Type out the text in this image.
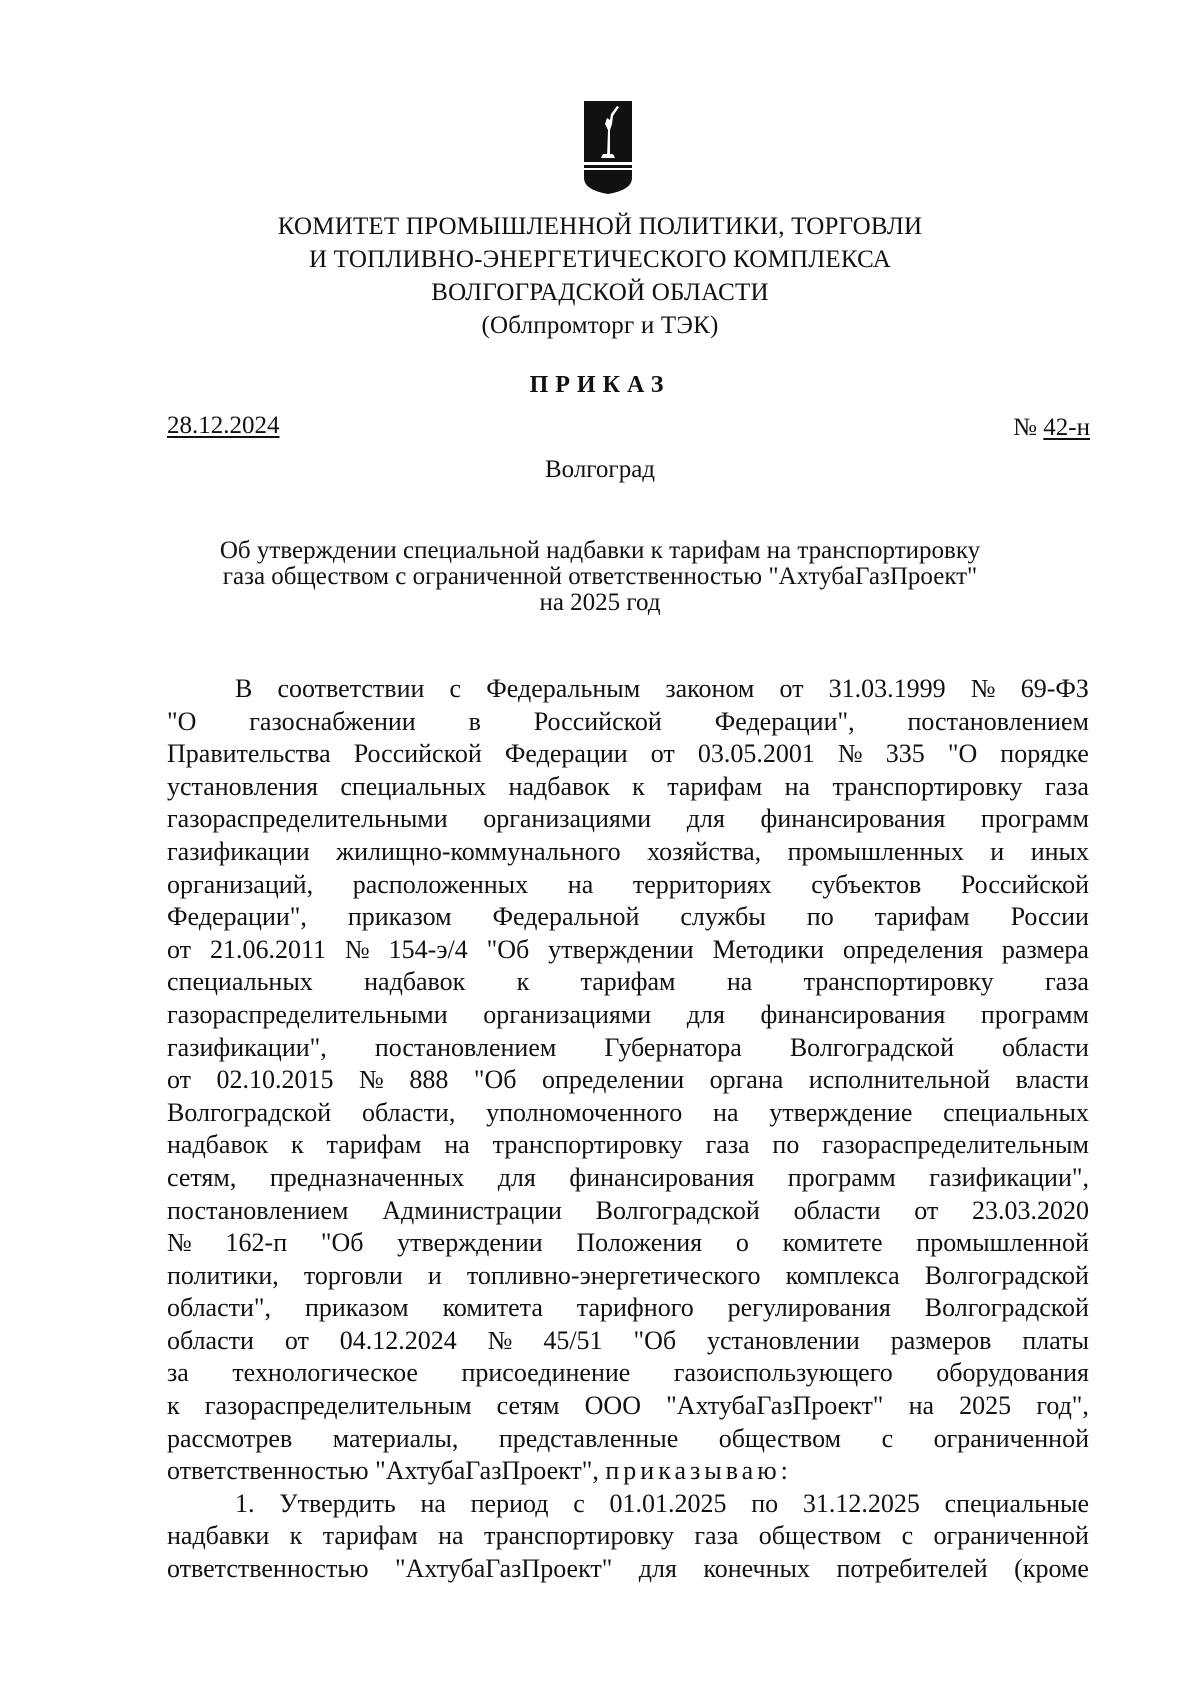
КОМИТЕТ ПРОМЫШЛЕННОЙ ПОЛИТИКИ, ТОРГОВЛИ
И ТОПЛИВНО-ЭНЕРГЕТИЧЕСКОГО КОМПЛЕКСА
ВОЛГОГРАДСКОЙ ОБЛАСТИ
(Облпромторг и ТЭК)
ПРИКАЗ
28.12.2024	№ 42-н
Волгоград
Об утверждении специальной надбавки к тарифам на транспортировку
газа обществом с ограниченной ответственностью "АхтубаГазПроект"
на 2025 год
В соответствии с Федеральным законом от 31.03.1999 № 69-ФЗ
"О газоснабжении в Российской Федерации", постановлением
Правительства Российской Федерации от 03.05.2001 № 335 "О порядке
установления специальных надбавок к тарифам на транспортировку газа
газораспределительными организациями для финансирования программ
газификации жилищно-коммунального хозяйства, промышленных и иных
организаций, расположенных на территориях субъектов Российской
Федерации", приказом Федеральной службы по тарифам России
от 21.06.2011 № 154-э/4 "Об утверждении Методики определения размера
специальных надбавок к тарифам на транспортировку газа
газораспределительными организациями для финансирования программ
газификации", постановлением Губернатора Волгоградской области
от 02.10.2015 № 888 "Об определении органа исполнительной власти
Волгоградской области, уполномоченного на утверждение специальных
надбавок к тарифам на транспортировку газа по газораспределительным
сетям, предназначенных для финансирования программ газификации",
постановлением Администрации Волгоградской области от 23.03.2020
№ 162-п "Об утверждении Положения о комитете промышленной
политики, торговли и топливно-энергетического комплекса Волгоградской
области", приказом комитета тарифного регулирования Волгоградской
области от 04.12.2024 № 45/51 "Об установлении размеров платы
за технологическое присоединение газоиспользующего оборудования
к газораспределительным сетям ООО "АхтубаГазПроект" на 2025 год",
рассмотрев материалы, представленные обществом с ограниченной
ответственностью "АхтубаГазПроект", приказываю:
1. Утвердить на период с 01.01.2025 по 31.12.2025 специальные
надбавки к тарифам на транспортировку газа обществом с ограниченной
ответственностью "АхтубаГазПроект" для конечных потребителей (кроме
